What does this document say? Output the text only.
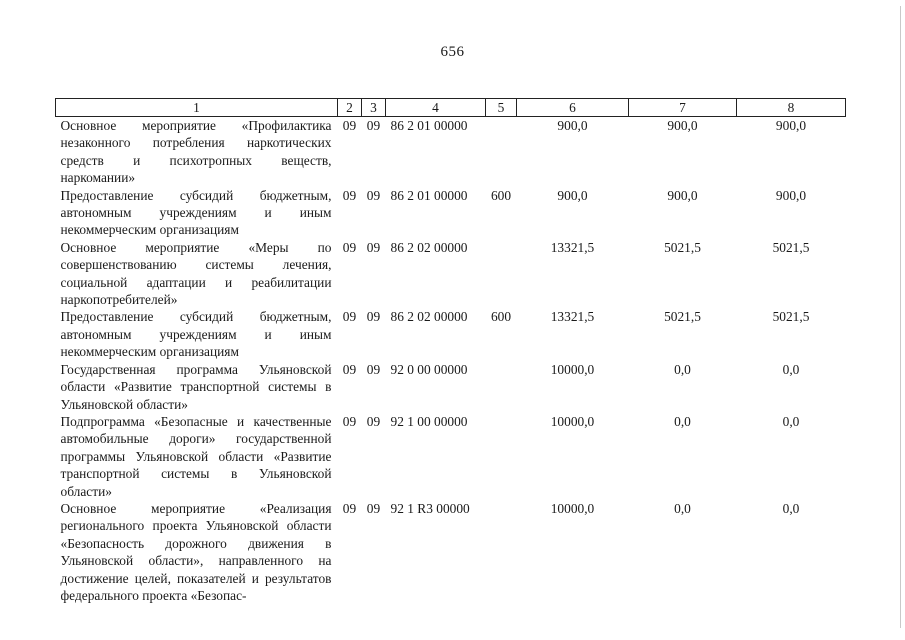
656
1	2	3	4	5	6	7	8
Основное мероприятие «Профилактика незаконного потребления наркотических средств и психотропных веществ, наркомании»	09	09	86 2 01 00000		900,0	900,0	900,0
Предоставление субсидий бюджетным, автономным учреждениям и иным некоммерческим организациям	09	09	86 2 01 00000	600	900,0	900,0	900,0
Основное мероприятие «Меры по совершенствованию системы лечения, социальной адаптации и реабилитации наркопотребителей»	09	09	86 2 02 00000		13321,5	5021,5	5021,5
Предоставление субсидий бюджетным, автономным учреждениям и иным некоммерческим организациям	09	09	86 2 02 00000	600	13321,5	5021,5	5021,5
Государственная программа Ульяновской области «Развитие транспортной системы в Ульяновской области»	09	09	92 0 00 00000		10000,0	0,0	0,0
Подпрограмма «Безопасные и качественные автомобильные дороги» государственной программы Ульяновской области «Развитие транспортной системы в Ульяновской области»	09	09	92 1 00 00000		10000,0	0,0	0,0
Основное мероприятие «Реализация регионального проекта Ульяновской области «Безопасность дорожного движения в Ульяновской области», направленного на достижение целей, показателей и результатов федерального проекта «Безопас-	09	09	92 1 R3 00000		10000,0	0,0	0,0
